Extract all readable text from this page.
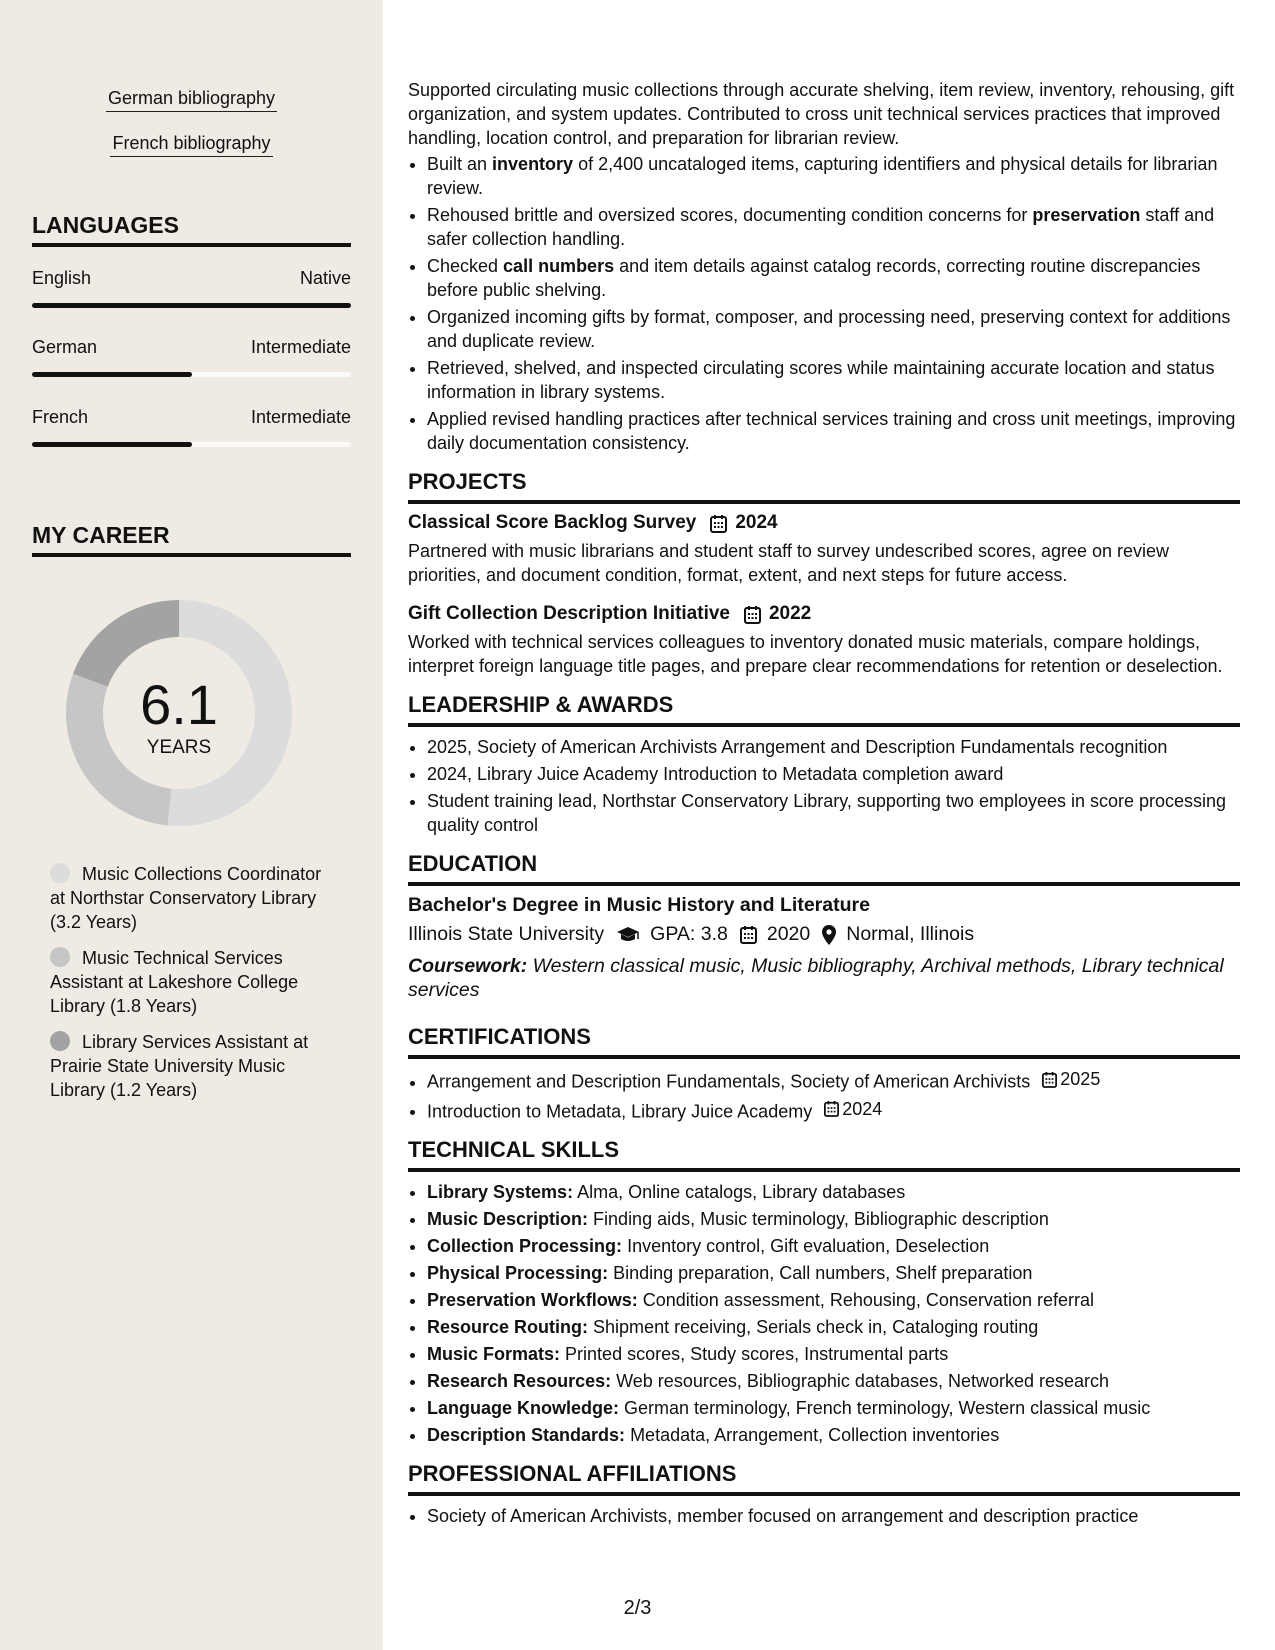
German bibliography
French bibliography
LANGUAGES
English	Native
German	Intermediate
French	Intermediate
MY CAREER
6.1
YEARS
Music Collections Coordinator at Northstar Conservatory Library (3.2 Years)
Music Technical Services Assistant at Lakeshore College Library (1.8 Years)
Library Services Assistant at Prairie State University Music Library (1.2 Years)

Supported circulating music collections through accurate shelving, item review, inventory, rehousing, gift organization, and system updates. Contributed to cross unit technical services practices that improved handling, location control, and preparation for librarian review.

• Built an inventory of 2,400 uncataloged items, capturing identifiers and physical details for librarian review.
• Rehoused brittle and oversized scores, documenting condition concerns for preservation staff and safer collection handling.
• Checked call numbers and item details against catalog records, correcting routine discrepancies before public shelving.
• Organized incoming gifts by format, composer, and processing need, preserving context for additions and duplicate review.
• Retrieved, shelved, and inspected circulating scores while maintaining accurate location and status information in library systems.
• Applied revised handling practices after technical services training and cross unit meetings, improving daily documentation consistency.
PROJECTS
Classical Score Backlog Survey 2024

Partnered with music librarians and student staff to survey undescribed scores, agree on review priorities, and document condition, format, extent, and next steps for future access.

Gift Collection Description Initiative 2022

Worked with technical services colleagues to inventory donated music materials, compare holdings, interpret foreign language title pages, and prepare clear recommendations for retention or deselection.

LEADERSHIP & AWARDS
• 2025, Society of American Archivists Arrangement and Description Fundamentals recognition
• 2024, Library Juice Academy Introduction to Metadata completion award
• Student training lead, Northstar Conservatory Library, supporting two employees in score processing quality control
EDUCATION
Bachelor's Degree in Music History and Literature
Illinois State University GPA: 3.8 2020 Normal, Illinois
Coursework: Western classical music, Music bibliography, Archival methods, Library technical services
CERTIFICATIONS
• Arrangement and Description Fundamentals, Society of American Archivists 2025
• Introduction to Metadata, Library Juice Academy 2024
TECHNICAL SKILLS
• Library Systems: Alma, Online catalogs, Library databases
• Music Description: Finding aids, Music terminology, Bibliographic description
• Collection Processing: Inventory control, Gift evaluation, Deselection
• Physical Processing: Binding preparation, Call numbers, Shelf preparation
• Preservation Workflows: Condition assessment, Rehousing, Conservation referral
• Resource Routing: Shipment receiving, Serials check in, Cataloging routing
• Music Formats: Printed scores, Study scores, Instrumental parts
• Research Resources: Web resources, Bibliographic databases, Networked research
• Language Knowledge: German terminology, French terminology, Western classical music
• Description Standards: Metadata, Arrangement, Collection inventories
PROFESSIONAL AFFILIATIONS
• Society of American Archivists, member focused on arrangement and description practice
2/3
